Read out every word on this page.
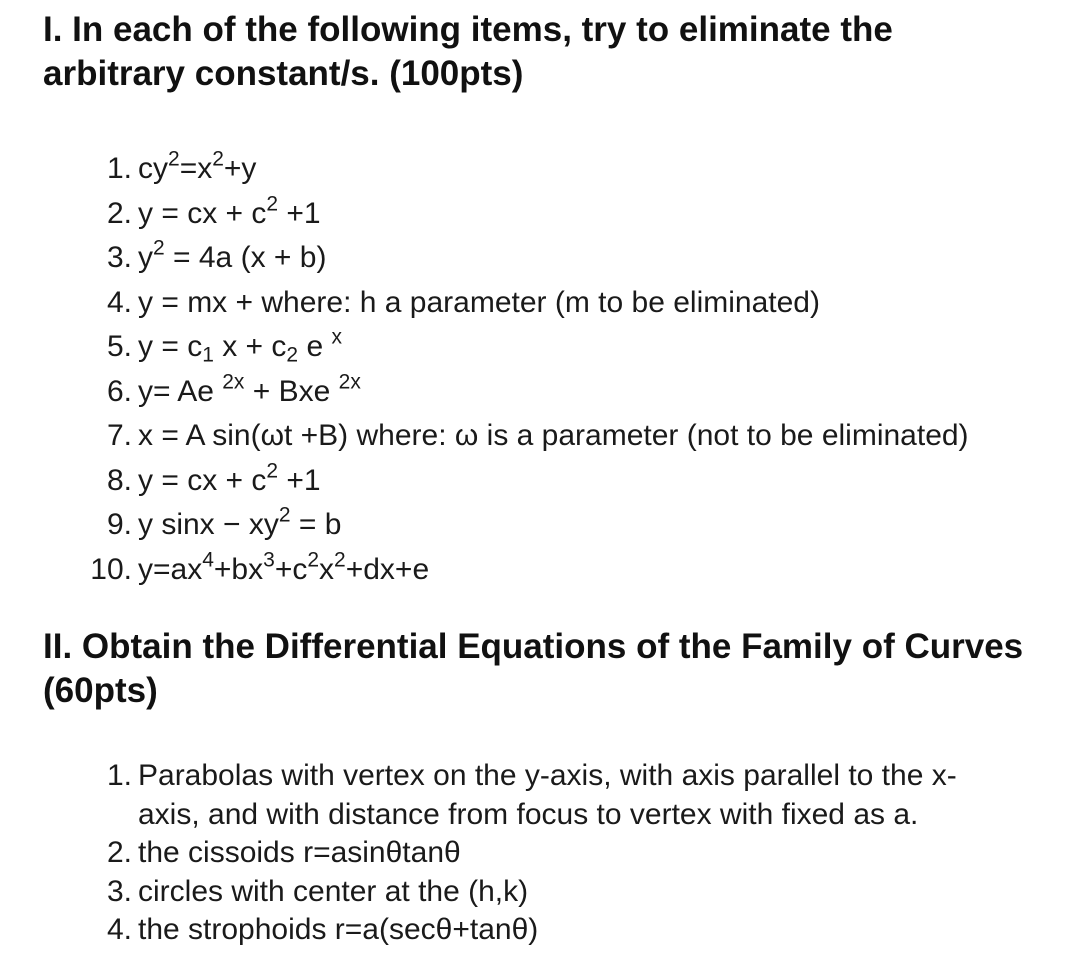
I. In each of the following items, try to eliminate the arbitrary constant/s. (100pts)
1. $cy^2=x^2+y$
2. y = cx + $c^2 +1$
3. $y^2 = 4a$ (x + b)
4. y = mx + where: h a parameter (m to be eliminated)
5. $y = c_1$ $x + c_2$ e $^x$
6. y= Ae $^{2x}$ + Bxe $^{2x}$
7. x = A sin(ωt +B) where: ω is a parameter (not to be eliminated)
8. y = cx + $c^2 +1$
9. y $\sin x - xy^2 = b$
10. $y=ax^4+bx^3+c^2x^2+dx+e$
II. Obtain the Differential Equations of the Family of Curves (60pts)
1. Parabolas with vertex on the y-axis, with axis parallel to the x-axis, and with distance from focus to vertex with fixed as a.
2. the cissoids r=asinθtanθ
3. circles with center at the (h,k)
4. the strophoids r=a(secθ+tanθ)
